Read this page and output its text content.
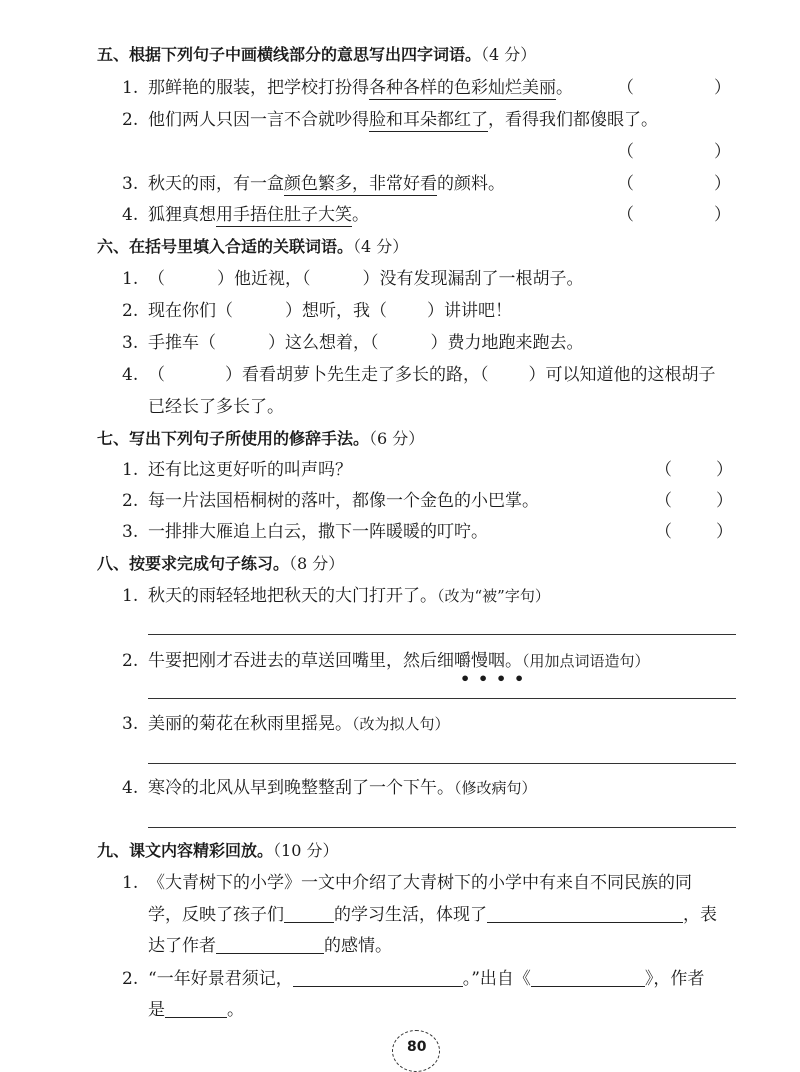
五、根据下列句子中画横线部分的意思写出四字词语。（4 分）
1. 那鲜艳的服装，把学校打扮得各种各样的色彩灿烂美丽。	（	）
2. 他们两人只因一言不合就吵得脸和耳朵都红了，看得我们都傻眼了。
（	）
3. 秋天的雨，有一盒颜色繁多，非常好看的颜料。	（	）
4. 狐狸真想用手捂住肚子大笑。	（	）
六、在括号里填入合适的关联词语。（4 分）
1. （	）他近视，（	）没有发现漏刮了一根胡子。
2. 现在你们（	）想听，我（ ）讲讲吧！
3. 手推车（	）这么想着，（	）费力地跑来跑去。
4. （	）看看胡萝卜先生走了多长的路，（ ）可以知道他的这根胡子
已经长了多长了。
七、写出下列句子所使用的修辞手法。（6 分）
1. 还有比这更好听的叫声吗？	（	）
2. 每一片法国梧桐树的落叶，都像一个金色的小巴掌。	（	）
3. 一排排大雁追上白云，撒下一阵暖暖的叮咛。	（	）
八、按要求完成句子练习。（8 分）
1. 秋天的雨轻轻地把秋天的大门打开了。（改为“被”字句）
2. 牛要把刚才吞进去的草送回嘴里，然后细嚼慢咽。（用加点词语造句）
• • • •
3. 美丽的菊花在秋雨里摇晃。（改为拟人句）
4. 寒冷的北风从早到晚整整刮了一个下午。（修改病句）
九、课文内容精彩回放。（10 分）
1. 《大青树下的小学》一文中介绍了大青树下的小学中有来自不同民族的同
学，反映了孩子们	的学习生活，体现了	，表
达了作者	的感情。
2. “一年好景君须记，	。”出自《	》，作者
是	。
80
